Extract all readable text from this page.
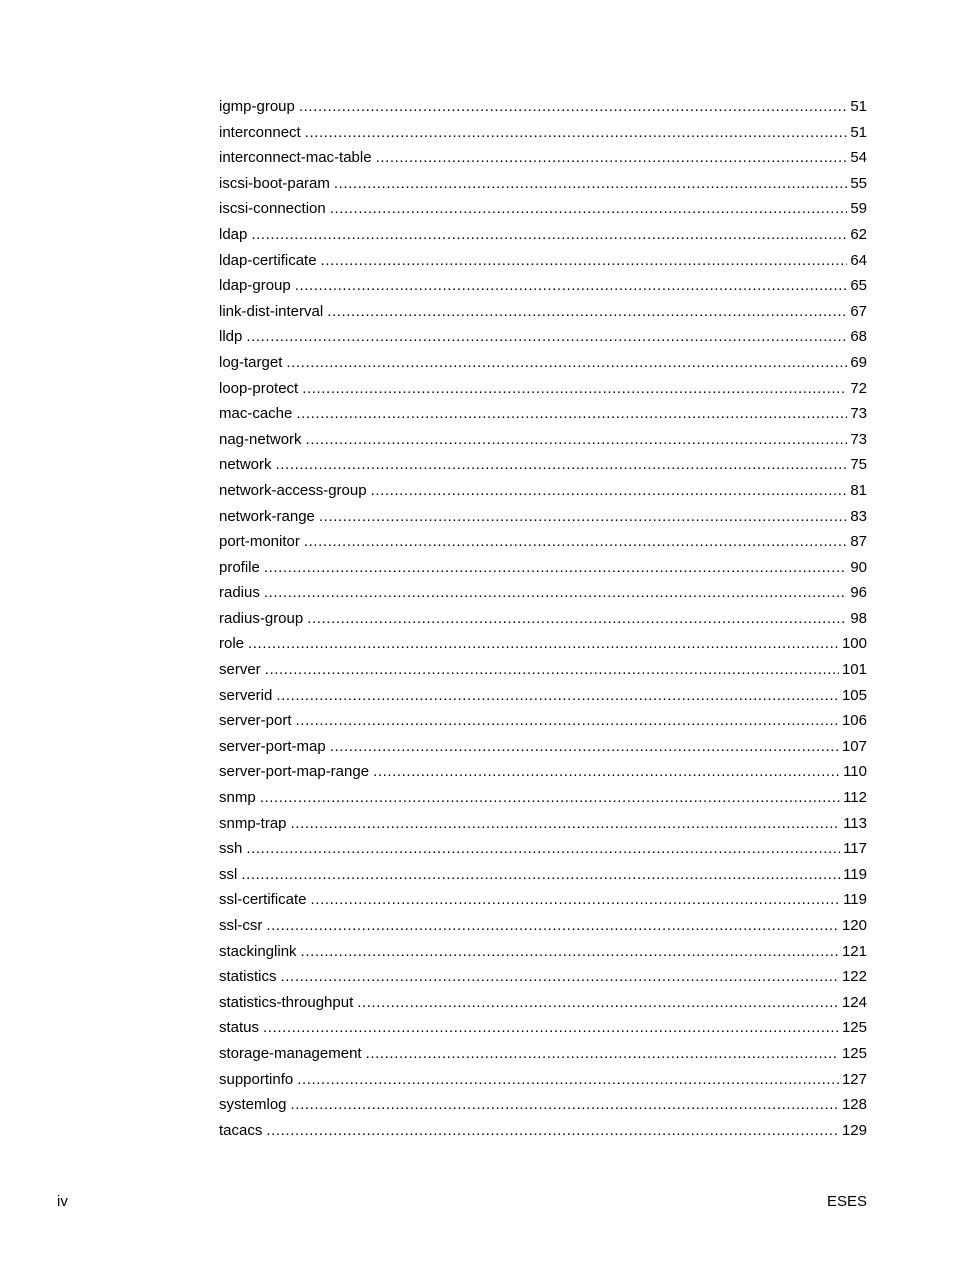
igmp-group .....	51
interconnect .....	51
interconnect-mac-table .....	54
iscsi-boot-param .....	55
iscsi-connection .....	59
ldap .....	62
ldap-certificate .....	64
ldap-group .....	65
link-dist-interval .....	67
lldp .....	68
log-target .....	69
loop-protect .....	72
mac-cache .....	73
nag-network .....	73
network .....	75
network-access-group .....	81
network-range .....	83
port-monitor .....	87
profile .....	90
radius .....	96
radius-group .....	98
role .....	100
server .....	101
serverid .....	105
server-port .....	106
server-port-map .....	107
server-port-map-range .....	110
snmp .....	112
snmp-trap .....	113
ssh .....	117
ssl .....	119
ssl-certificate .....	119
ssl-csr .....	120
stackinglink .....	121
statistics .....	122
statistics-throughput .....	124
status .....	125
storage-management .....	125
supportinfo .....	127
systemlog .....	128
tacacs .....	129
iv	ESES
